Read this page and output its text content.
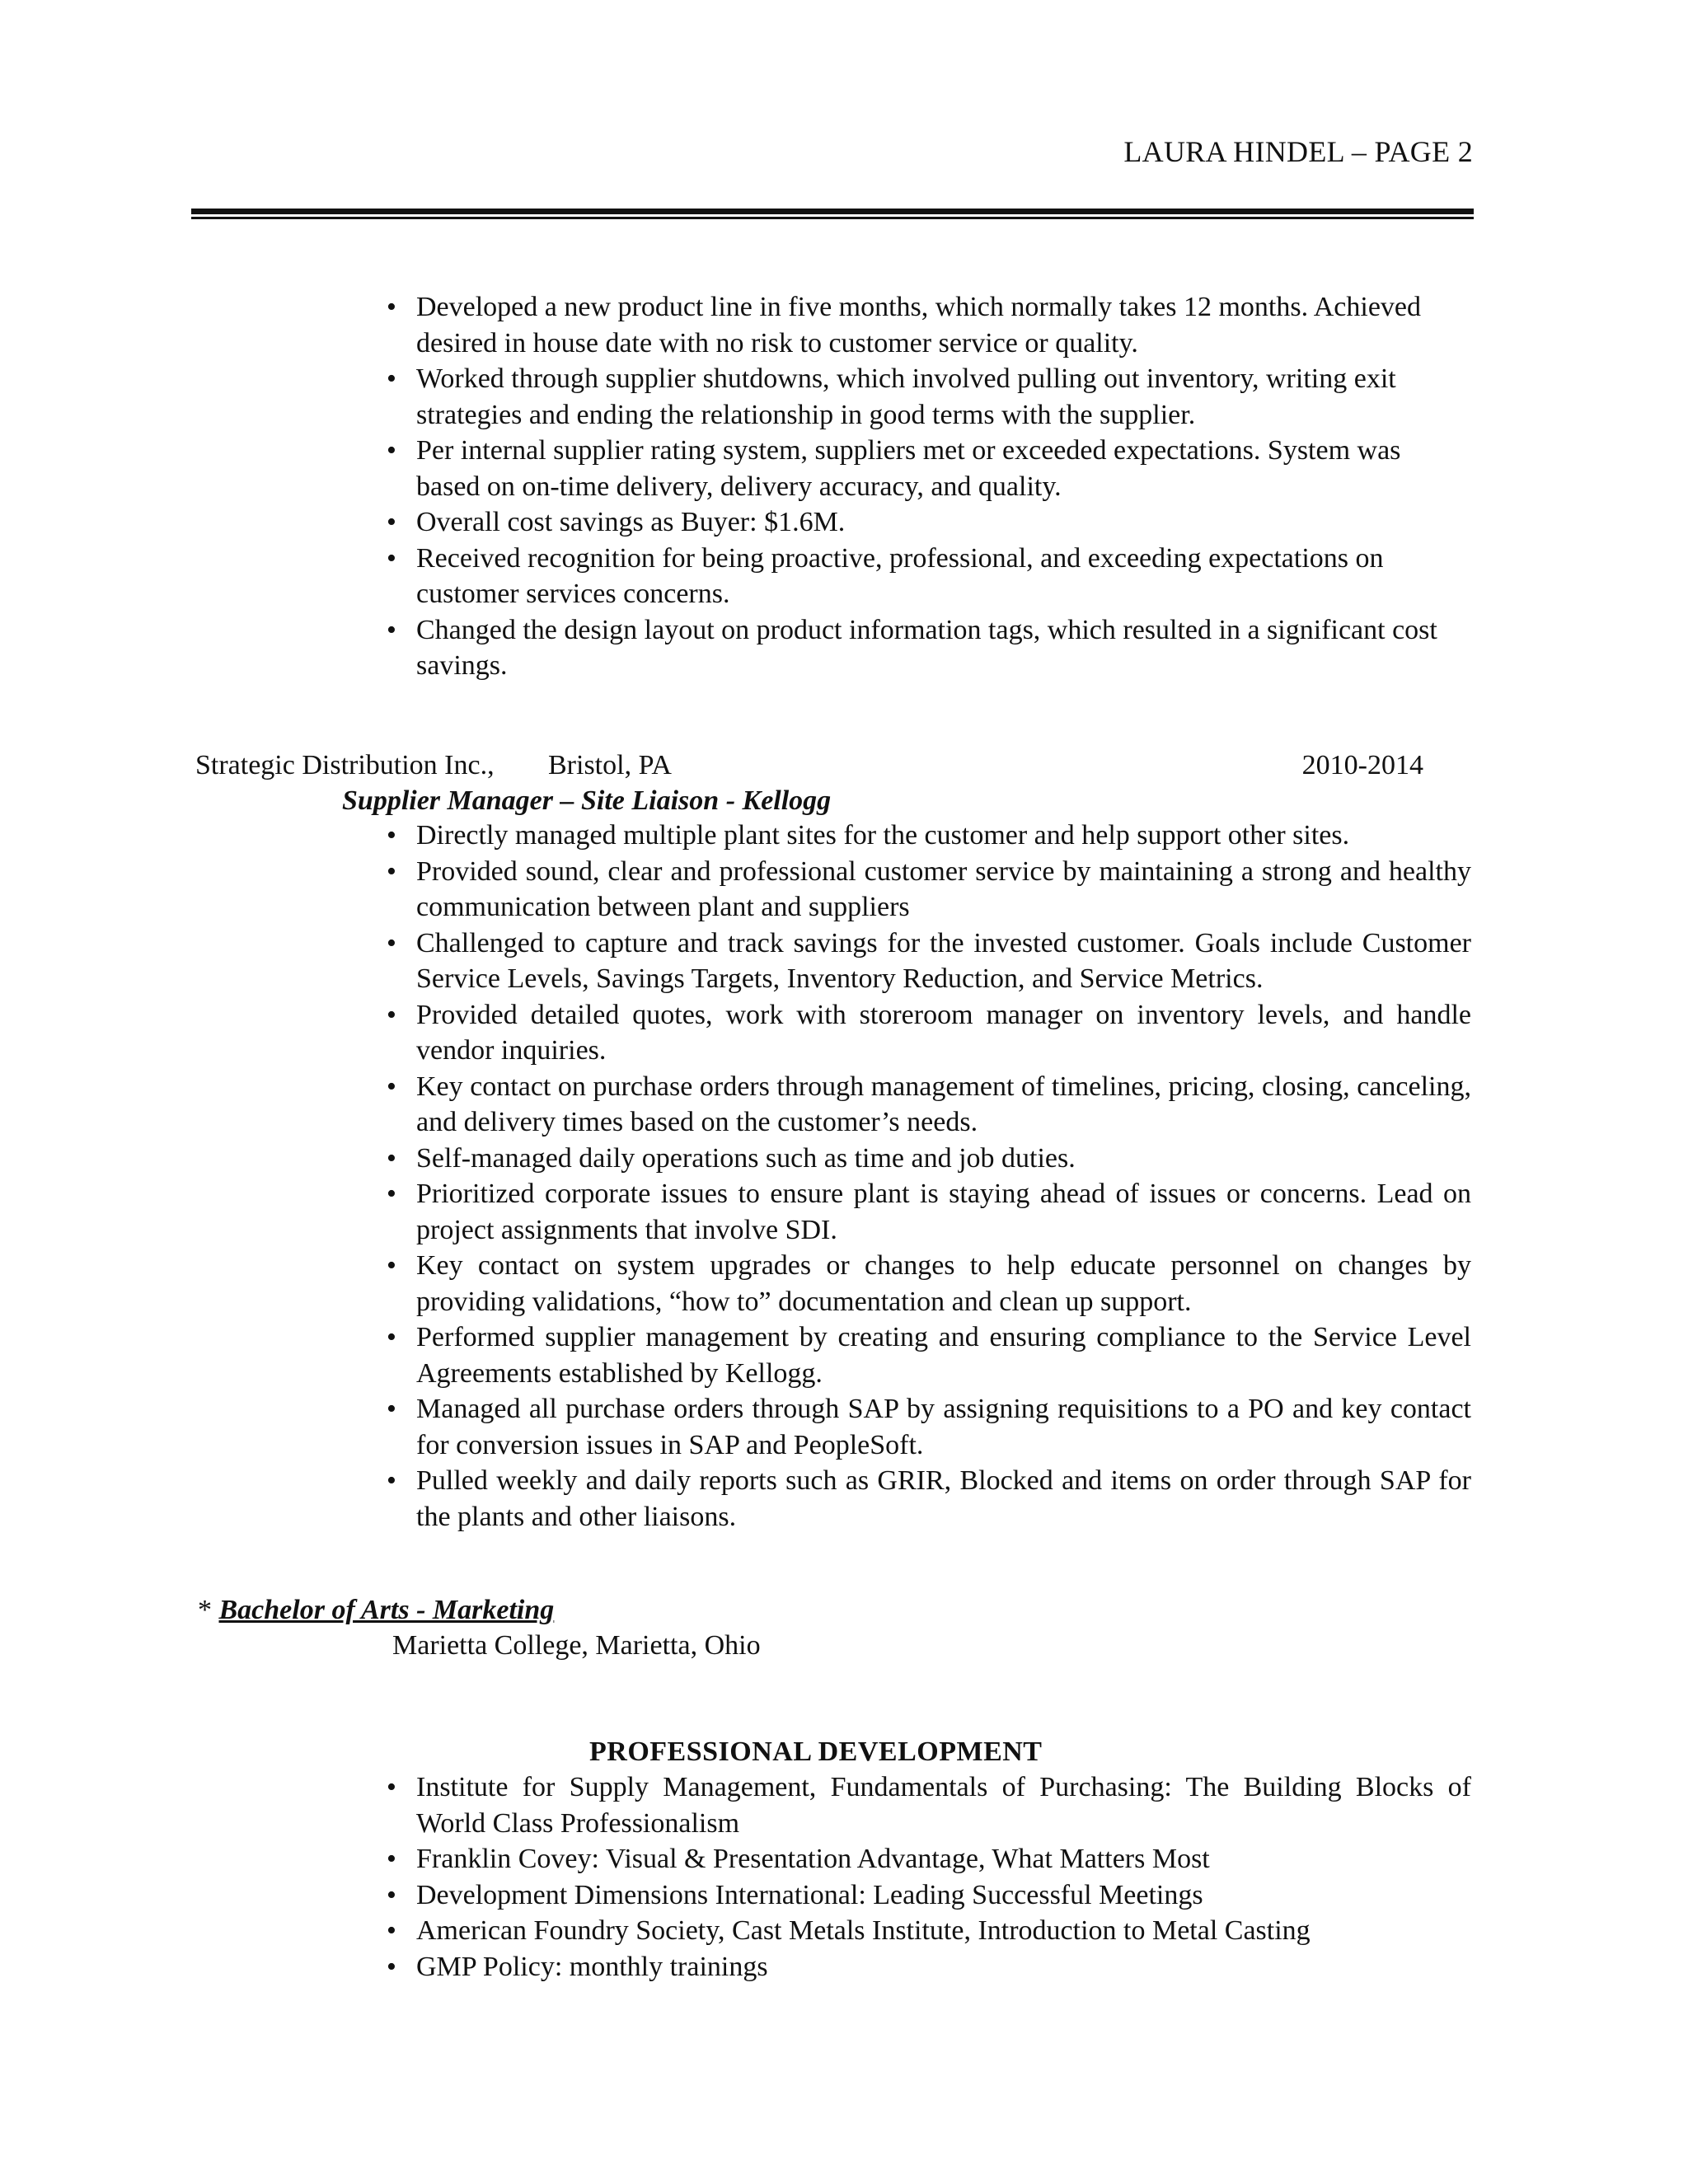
LAURA HINDEL – PAGE 2
• Developed a new product line in five months, which normally takes 12 months. Achieved desired in house date with no risk to customer service or quality.
• Worked through supplier shutdowns, which involved pulling out inventory, writing exit strategies and ending the relationship in good terms with the supplier.
• Per internal supplier rating system, suppliers met or exceeded expectations. System was based on on-time delivery, delivery accuracy, and quality.
• Overall cost savings as Buyer: $1.6M.
• Received recognition for being proactive, professional, and exceeding expectations on customer services concerns.
• Changed the design layout on product information tags, which resulted in a significant cost savings.
Strategic Distribution Inc., Bristol, PA	2010-2014
Supplier Manager – Site Liaison - Kellogg
• Directly managed multiple plant sites for the customer and help support other sites.
• Provided sound, clear and professional customer service by maintaining a strong and healthy communication between plant and suppliers
• Challenged to capture and track savings for the invested customer. Goals include Customer Service Levels, Savings Targets, Inventory Reduction, and Service Metrics.
• Provided detailed quotes, work with storeroom manager on inventory levels, and handle vendor inquiries.
• Key contact on purchase orders through management of timelines, pricing, closing, canceling, and delivery times based on the customer’s needs.
• Self-managed daily operations such as time and job duties.
• Prioritized corporate issues to ensure plant is staying ahead of issues or concerns. Lead on project assignments that involve SDI.
• Key contact on system upgrades or changes to help educate personnel on changes by providing validations, “how to” documentation and clean up support.
• Performed supplier management by creating and ensuring compliance to the Service Level Agreements established by Kellogg.
• Managed all purchase orders through SAP by assigning requisitions to a PO and key contact for conversion issues in SAP and PeopleSoft.
• Pulled weekly and daily reports such as GRIR, Blocked and items on order through SAP for the plants and other liaisons.
* Bachelor of Arts - Marketing
Marietta College, Marietta, Ohio
PROFESSIONAL DEVELOPMENT
• Institute for Supply Management, Fundamentals of Purchasing: The Building Blocks of World Class Professionalism
• Franklin Covey: Visual & Presentation Advantage, What Matters Most
• Development Dimensions International: Leading Successful Meetings
• American Foundry Society, Cast Metals Institute, Introduction to Metal Casting
• GMP Policy: monthly trainings
